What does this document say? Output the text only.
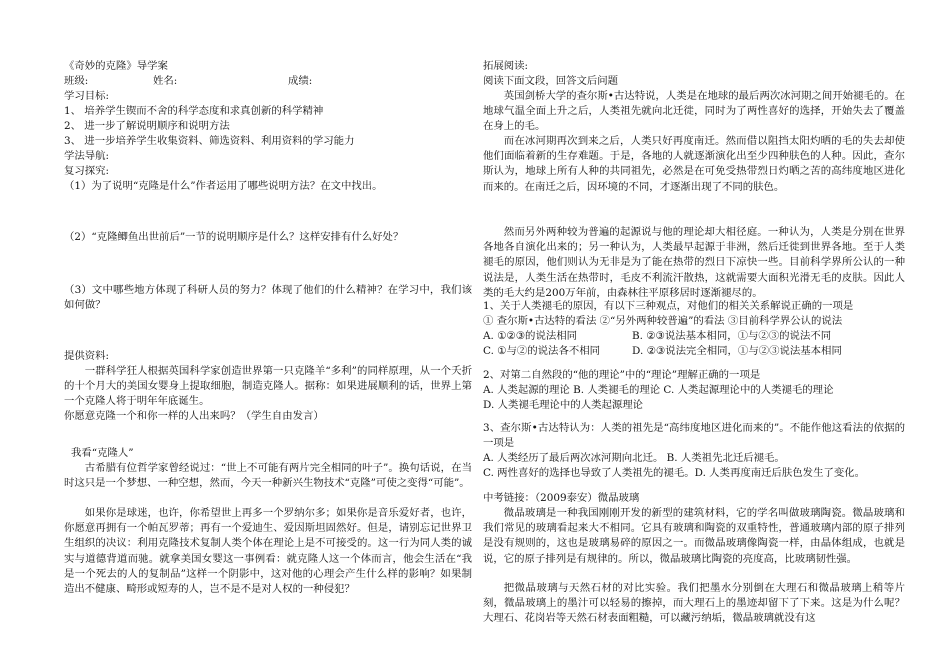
《奇妙的克隆》导学案
班级:	姓名:	成绩:
学习目标:
1、 培养学生锲而不舍的科学态度和求真创新的科学精神
2、 进一步了解说明顺序和说明方法
3、 进一步培养学生收集资料、筛选资料、利用资料的学习能力
学法导航:
复习探究:
（1）为了说明“克隆是什么”作者运用了哪些说明方法？在文中找出。
（2）“克隆鲫鱼出世前后”一节的说明顺序是什么？这样安排有什么好处？
（3）文中哪些地方体现了科研人员的努力？体现了他们的什么精神？在学习中，我们该如何做？
提供资料:
一群科学狂人根据英国科学家创造世界第一只克隆羊“多利”的同样原理，从一个夭折的十个月大的美国女婴身上提取细胞，制造克隆人。据称：如果进展顺利的话，世界上第一个克隆人将于明年年底诞生。
你愿意克隆一个和你一样的人出来吗？（学生自由发言）
我看“克隆人”
古希腊有位哲学家曾经说过：“世上不可能有两片完全相同的叶子”。换句话说，在当时这只是一个梦想、一种空想，然而，今天一种新兴生物技术“克隆”可使之变得“可能”。
如果你是球迷，也许，你希望世上再多一个罗纳尔多；如果你是音乐爱好者，也许，你愿意再拥有一个帕瓦罗蒂；再有一个爱迪生、爱因斯坦固然好。但是，请别忘记世界卫生组织的决议：利用克隆技术复制人类个体在理论上是不可接受的。这一行为同人类的诚实与道德背道而驰。就拿美国女婴这一事例看：就克隆人这一个体而言，他会生活在“我是一个死去的人的复制品”这样一个阴影中，这对他的心理会产生什么样的影响？如果制造出不健康、畸形或短寿的人，岂不是不是对人权的一种侵犯？
拓展阅读:
阅读下面文段，回答文后问题
英国剑桥大学的查尔斯•古达特说，人类是在地球的最后两次冰河期之间开始褪毛的。在地球气温全面上升之后，人类祖先就向北迁徙，同时为了两性喜好的选择，开始失去了覆盖在身上的毛。
而在冰河期再次到来之后，人类只好再度南迁。然而借以阻挡太阳灼晒的毛的失去却使他们面临着新的生存难题。于是，各地的人就逐渐演化出至少四种肤色的人种。因此，查尔斯认为，地球上所有人种的共同祖先，必然是在可免受热带烈日灼晒之苦的高纬度地区进化而来的。在南迁之后，因环境的不同，才逐渐出现了不同的肤色。
然而另外两种较为普遍的起源说与他的理论却大相径庭。一种认为，人类是分别在世界各地各自演化出来的；另一种认为，人类最早起源于非洲，然后迁徙到世界各地。至于人类褪毛的原因，他们则认为无非是为了能在热带的烈日下凉快一些。目前科学界所公认的一种说法是，人类生活在热带时，毛皮不利流汗散热，这就需要大面积光滑无毛的皮肤。因此人类的毛大约是200万年前，由森林往平原移居时逐渐褪尽的。
1、关于人类褪毛的原因，有以下三种观点，对他们的相关关系解说正确的一项是
① 查尔斯•古达特的看法 ②“另外两种较普遍”的看法 ③目前科学界公认的说法
A. ①②③的说法相同	B. ②③说法基本相同，①与②③的说法不同
C. ①与②的说法各不相同	D. ②③说法完全相同，①与②③说法基本相同
2、对第二自然段的“他的理论”中的“理论”理解正确的一项是
A. 人类起源的理论 B. 人类褪毛的理论 C. 人类起源理论中的人类褪毛的理论
D. 人类褪毛理论中的人类起源理论
3、查尔斯•古达特认为：人类的祖先是“高纬度地区进化而来的”。不能作他这看法的依据的一项是
A. 人类经历了最后两次冰河期向北迁。 B. 人类祖先北迁后褪毛。
C. 两性喜好的选择也导致了人类祖先的褪毛。D. 人类再度南迁后肤色发生了变化。
中考链接：（2009泰安）微晶玻璃
微晶玻璃是一种我国刚刚开发的新型的建筑材料，它的学名叫做玻璃陶瓷。微晶玻璃和我们常见的玻璃看起来大不相同。它具有玻璃和陶瓷的双重特性，普通玻璃内部的原子排列是没有规则的，这也是玻璃易碎的原因之一。而微晶玻璃像陶瓷一样，由晶体组成，也就是说，它的原子排列是有规律的。所以，微晶玻璃比陶瓷的亮度高，比玻璃韧性强。
把微晶玻璃与天然石材的对比实验。我们把墨水分别倒在大理石和微晶玻璃上稍等片刻，微晶玻璃上的墨汁可以轻易的擦掉，而大理石上的墨迹却留下了下来。这是为什么呢？大理石、花岗岩等天然石材表面粗糙，可以藏污纳垢，微晶玻璃就没有这
